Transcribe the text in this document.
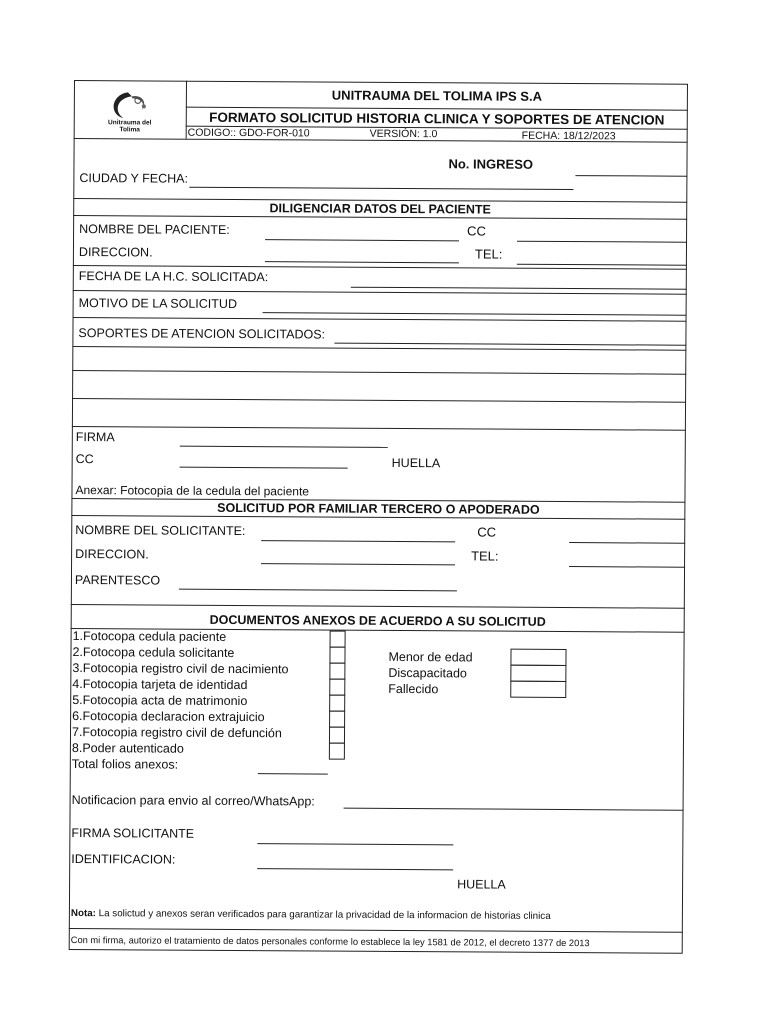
Unitrauma del Tolima
UNITRAUMA DEL TOLIMA IPS S.A
FORMATO SOLICITUD HISTORIA CLINICA Y SOPORTES DE ATENCION
CODIGO:: GDO-FOR-010	VERSIÓN: 1.0	FECHA: 18/12/2023
No. INGRESO
CIUDAD Y FECHA:
DILIGENCIAR DATOS DEL PACIENTE
NOMBRE DEL PACIENTE:	CC
DIRECCION.	TEL:
FECHA DE LA H.C. SOLICITADA:
MOTIVO DE LA SOLICITUD
SOPORTES DE ATENCION SOLICITADOS:
FIRMA
CC	HUELLA
Anexar: Fotocopia de la cedula del paciente
SOLICITUD POR FAMILIAR TERCERO O APODERADO
NOMBRE DEL SOLICITANTE:	CC
DIRECCION.	TEL:
PARENTESCO
DOCUMENTOS ANEXOS DE ACUERDO A SU SOLICITUD
1.Fotocopa cedula paciente
2.Fotocopa cedula solicitante
3.Fotocopia registro civil de nacimiento
4.Fotocopia tarjeta de identidad
5.Fotocopia acta de matrimonio
6.Fotocopia declaracion extrajuicio
7.Fotocopia registro civil de defunción
8.Poder autenticado
Menor de edad
Discapacitado
Fallecido
Total folios anexos:
Notificacion para envio al correo/WhatsApp:
FIRMA SOLICITANTE
IDENTIFICACION:
HUELLA
Nota: La solictud y anexos seran verificados para garantizar la privacidad de la informacion de historias clinica
Con mi firma, autorizo el tratamiento de datos personales conforme lo establece la ley 1581 de 2012, el decreto 1377 de 2013
